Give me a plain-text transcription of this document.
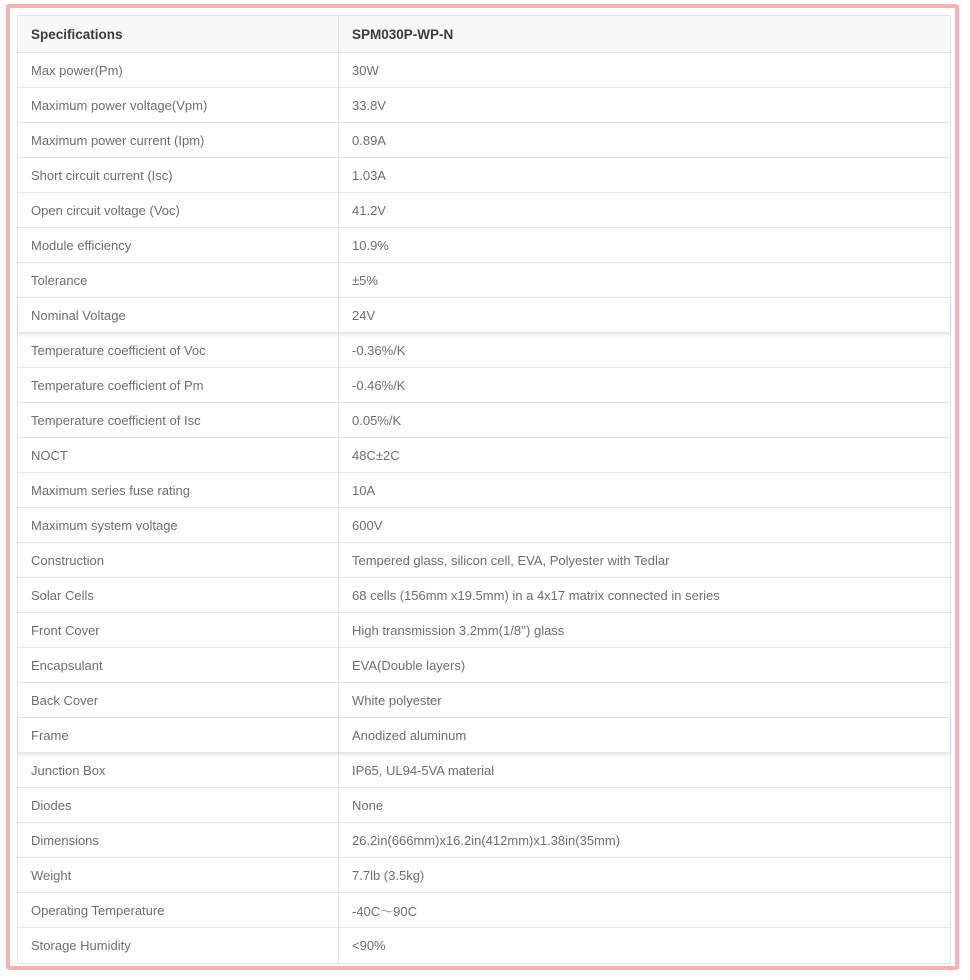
Specifications	SPM030P-WP-N
Max power(Pm)	30W
Maximum power voltage(Vpm)	33.8V
Maximum power current (Ipm)	0.89A
Short circuit current (Isc)	1.03A
Open circuit voltage (Voc)	41.2V
Module efficiency	10.9%
Tolerance	±5%
Nominal Voltage	24V
Temperature coefficient of Voc	-0.36%/K
Temperature coefficient of Pm	-0.46%/K
Temperature coefficient of Isc	0.05%/K
NOCT	48C±2C
Maximum series fuse rating	10A
Maximum system voltage	600V
Construction	Tempered glass, silicon cell, EVA, Polyester with Tedlar
Solar Cells	68 cells (156mm x19.5mm) in a 4x17 matrix connected in series
Front Cover	High transmission 3.2mm(1/8'') glass
Encapsulant	EVA(Double layers)
Back Cover	White polyester
Frame	Anodized aluminum
Junction Box	IP65, UL94-5VA material
Diodes	None
Dimensions	26.2in(666mm)x16.2in(412mm)x1.38in(35mm)
Weight	7.7lb (3.5kg)
Operating Temperature	-40C～90C
Storage Humidity	<90%
